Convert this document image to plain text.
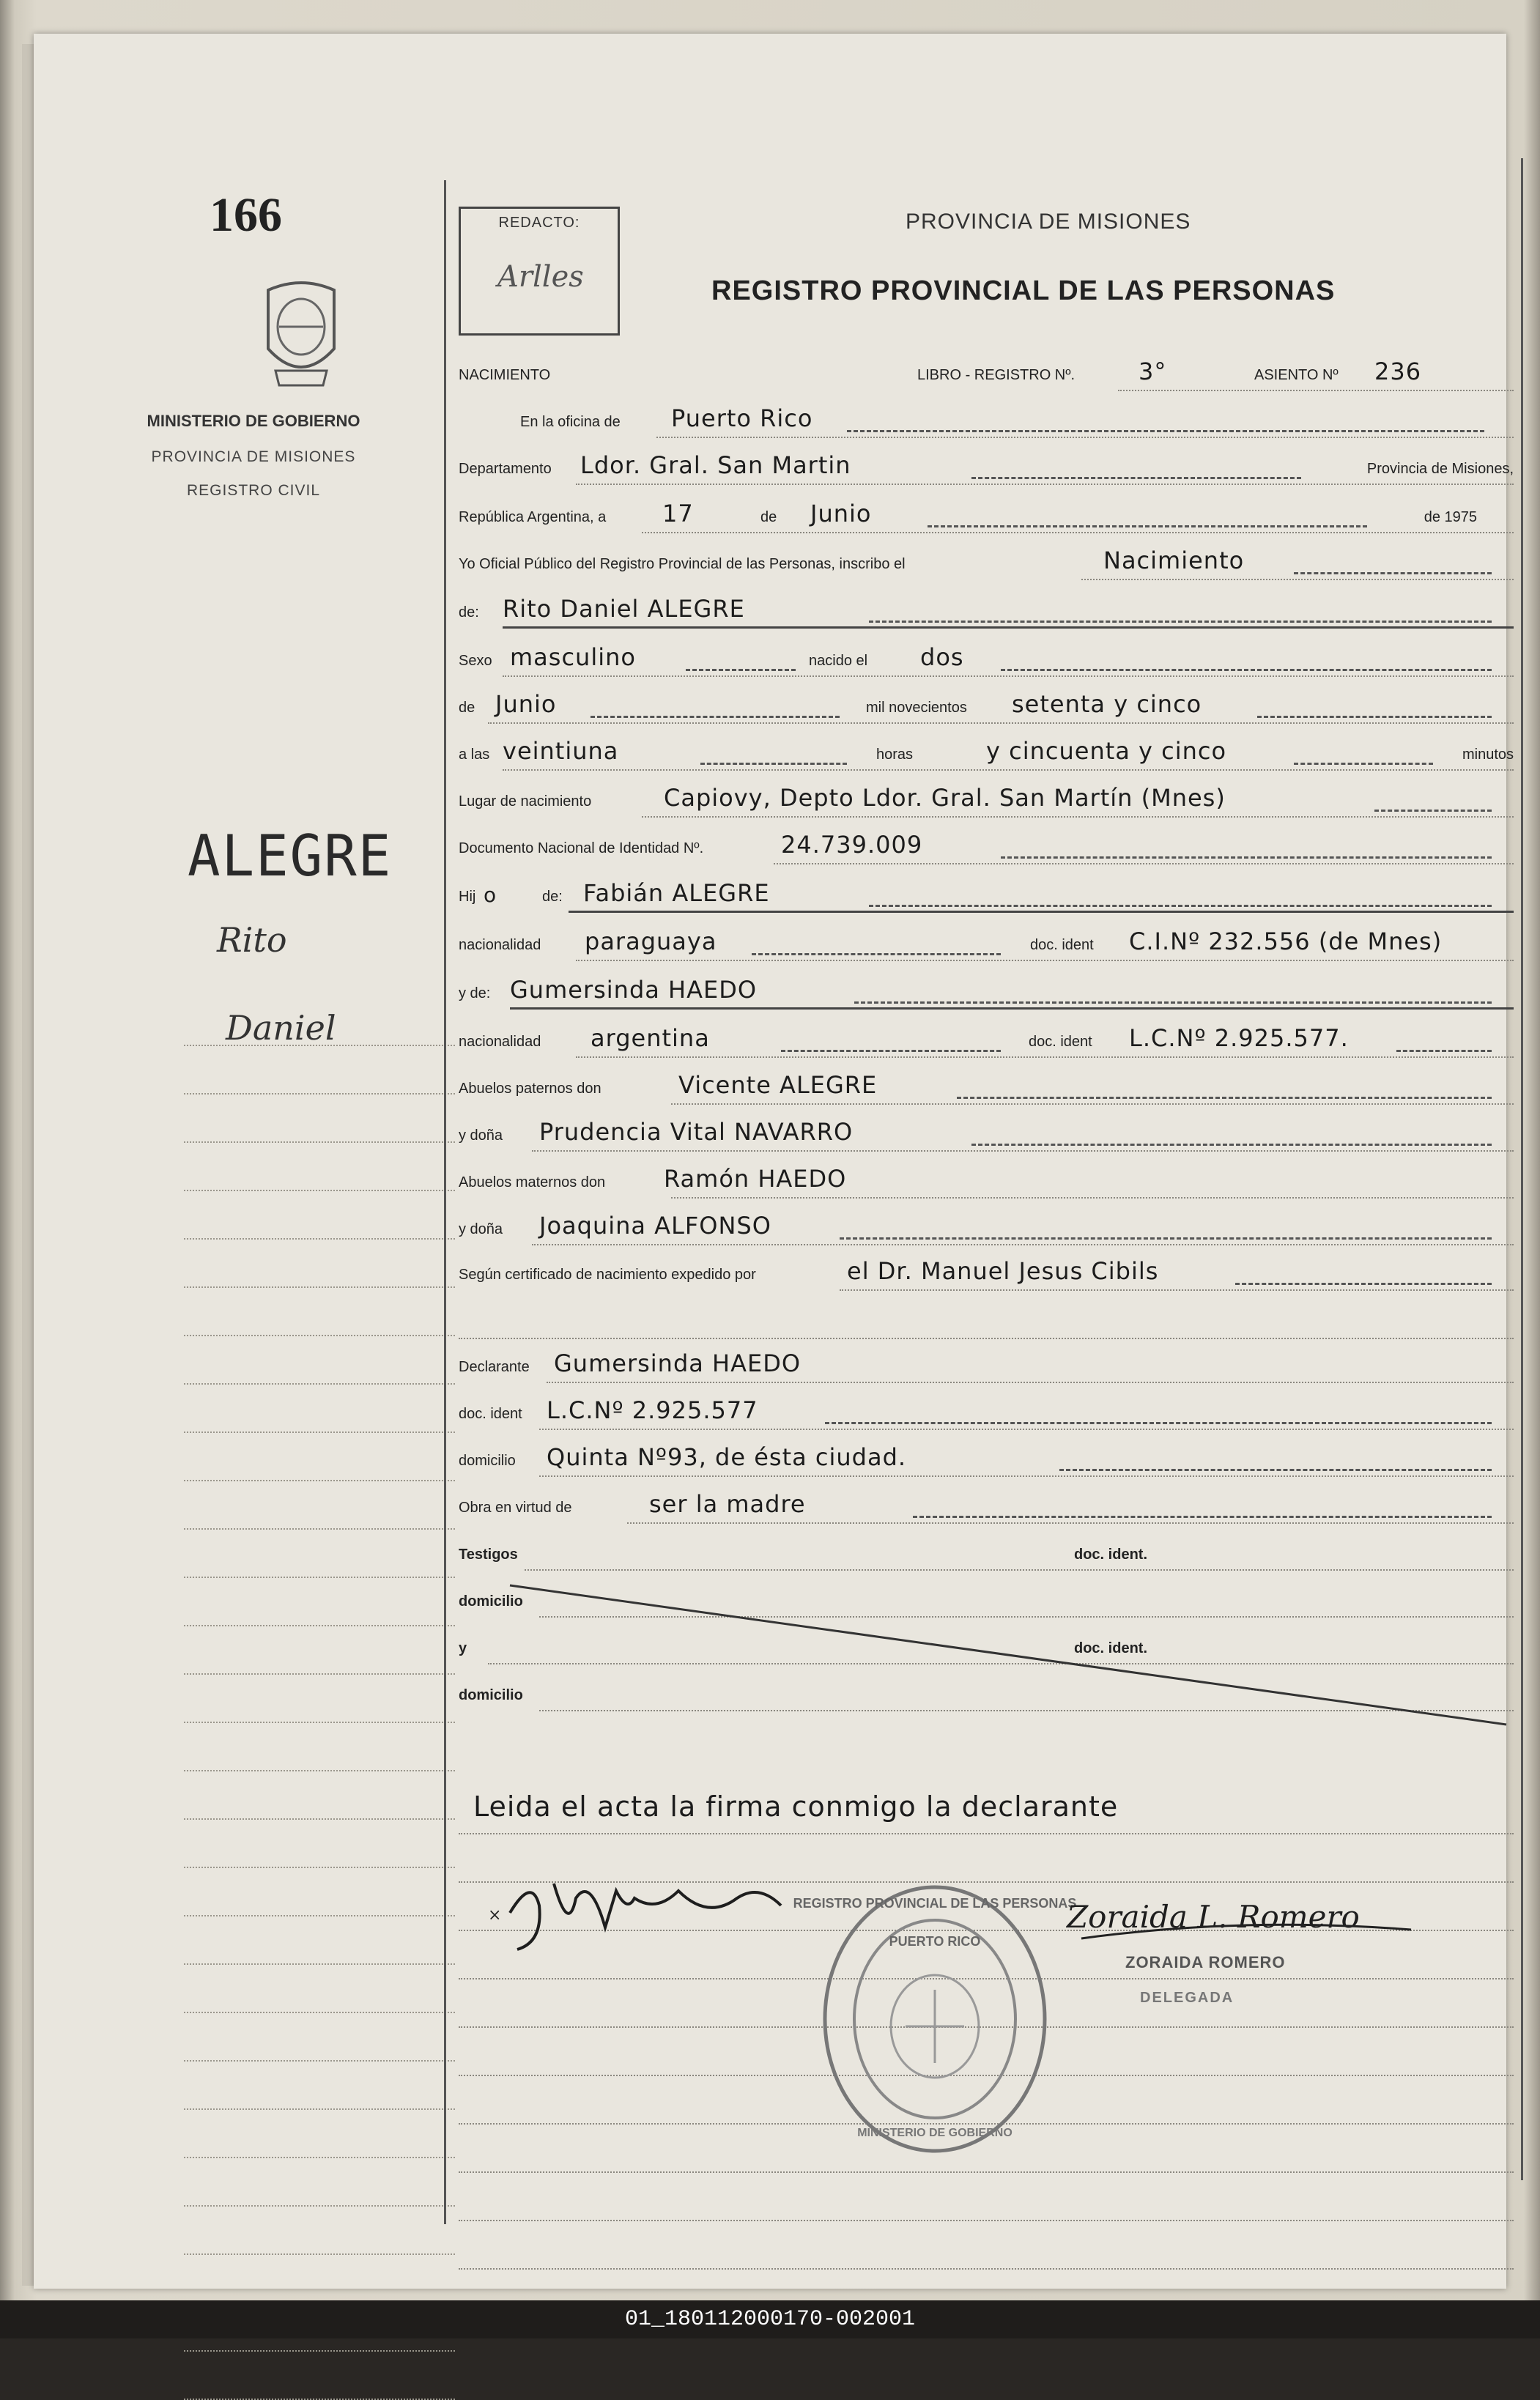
166
MINISTERIO DE GOBIERNO
PROVINCIA DE MISIONES
REGISTRO CIVIL
ALEGRE
Rito
Daniel
REDACTO:
Arlles
PROVINCIA DE MISIONES
REGISTRO PROVINCIAL DE LAS PERSONAS
NACIMIENTO	LIBRO - REGISTRO Nº.	3°	ASIENTO Nº 236
En la oficina de Puerto Rico
Departamento Ldor. Gral. San Martin	Provincia de Misiones,
República Argentina, a 17	de Junio	de 1975
Yo Oficial Público del Registro Provincial de las Personas, inscribo el	Nacimiento
de: Rito Daniel ALEGRE
Sexo masculino	nacido el dos
de Junio	mil novecientos setenta y cinco
a las veintiuna	horas	y cincuenta y cinco	minutos
Lugar de nacimiento	Capiovy, Depto Ldor. Gral. San Martín (Mnes)
Documento Nacional de Identidad Nº.	24.739.009
Hij o	de: Fabián ALEGRE
nacionalidad paraguaya	doc. ident C.I.Nº 232.556 (de Mnes)
y de: Gumersinda HAEDO
nacionalidad argentina	doc. ident L.C.Nº 2.925.577.
Abuelos paternos don	Vicente ALEGRE
y doña Prudencia Vital NAVARRO
Abuelos maternos don Ramón HAEDO
y doña Joaquina ALFONSO
Según certificado de nacimiento expedido por	el Dr. Manuel Jesus Cibils
Declarante Gumersinda HAEDO
doc. ident L.C.Nº 2.925.577
domicilio Quinta Nº93, de ésta ciudad.
Obra en virtud de	ser la madre
Testigos	doc. ident.
domicilio
y	doc. ident.
domicilio
Leida el acta la firma conmigo la declarante
×
REGISTRO PROVINCIAL DE LAS PERSONAS
PUERTO RICO
MINISTERIO DE GOBIERNO
Zoraida L. Romero
ZORAIDA ROMERO
DELEGADA
01_180112000170-002001
